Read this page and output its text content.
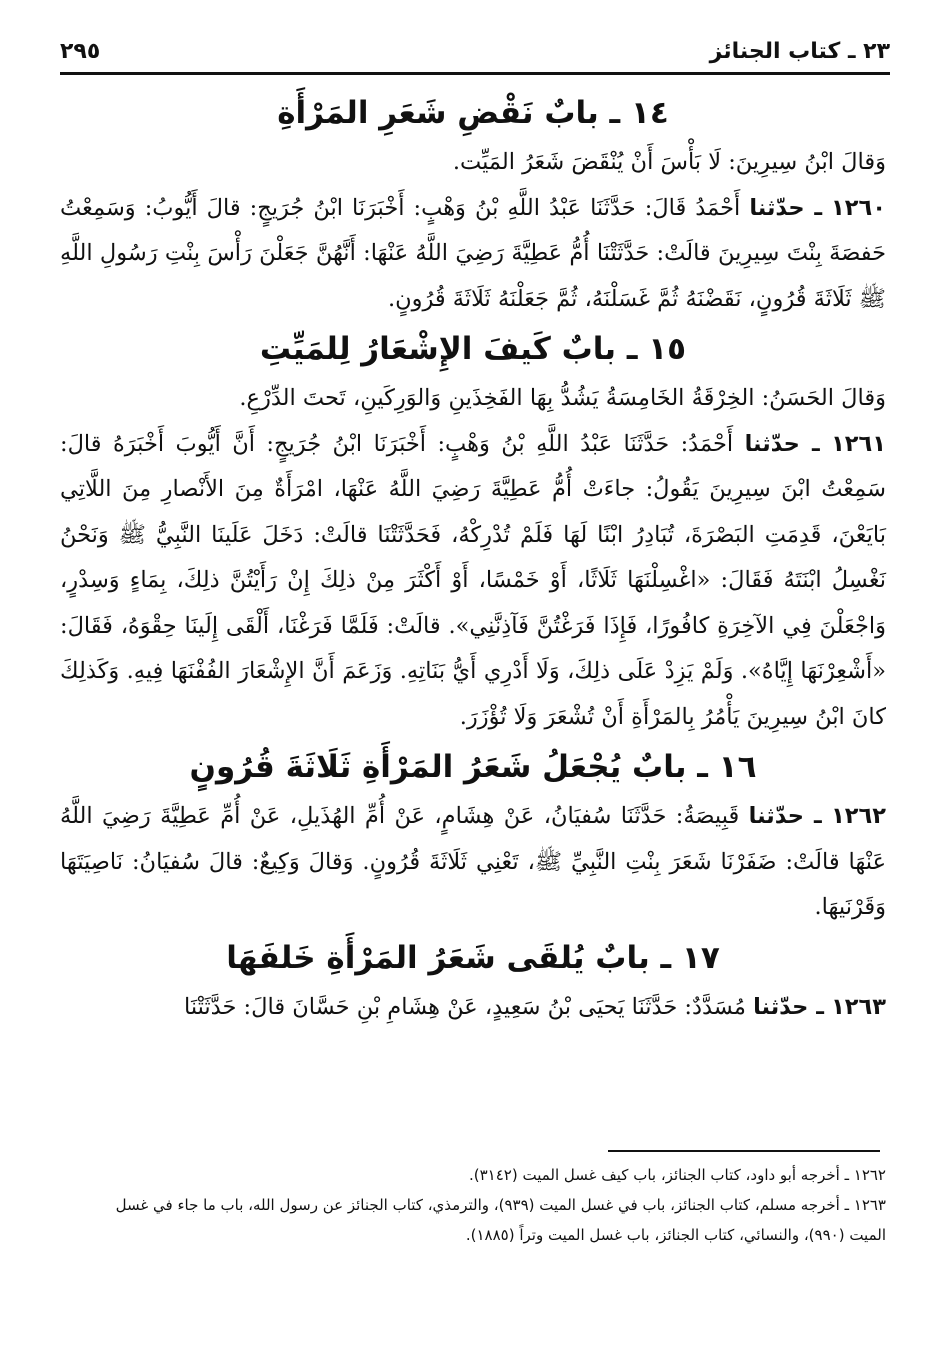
٢٩٥	٢٣ ـ كتاب الجنائز
١٤ ـ بابٌ نَقْضِ شَعَرِ المَرْأَةِ

وَقالَ ابْنُ سِيرِينَ: لَا بَأْسَ أَنْ يُنْقَضَ شَعَرُ المَيِّت.

١٢٦٠ ـ حدّثنا أَحْمَدُ قَالَ: حَدَّثَنَا عَبْدُ اللَّهِ بْنُ وَهْبٍ: أَخْبَرَنَا ابْنُ جُرَيجٍ: قالَ أَيُّوبُ: وَسَمِعْتُ حَفصَةَ بِنْتَ سِيرِينَ قالَتْ: حَدَّثَتْنَا أُمُّ عَطِيَّةَ رَضِيَ اللَّهُ عَنْهَا: أَنَّهُنَّ جَعَلْنَ رَأْسَ بِنْتِ رَسُولِ اللَّهِ ﷺ ثَلَاثَةَ قُرُونٍ، نَقَضْنَهُ ثُمَّ غَسَلْنَهُ، ثُمَّ جَعَلْنَهُ ثَلَاثَةَ قُرُونٍ.

١٥ ـ بابٌ كَيفَ الإِشْعَارُ لِلمَيِّتِ

وَقالَ الحَسَنُ: الخِرْقَةُ الخَامِسَةُ يَشُدُّ بِهَا الفَخِذَينِ وَالوَرِكَينِ، تَحتَ الدِّرْعِ.

١٢٦١ ـ حدّثنا أَحْمَدُ: حَدَّثَنَا عَبْدُ اللَّهِ بْنُ وَهْبٍ: أَخْبَرَنَا ابْنُ جُرَيجٍ: أَنَّ أَيُّوبَ أَخْبَرَهُ قالَ: سَمِعْتُ ابْنَ سِيرِينَ يَقُولُ: جاءَتْ أُمُّ عَطِيَّةَ رَضِيَ اللَّهُ عَنْهَا، امْرَأَةٌ مِنَ الأَنْصارِ مِنَ اللَّاتِي بَايَعْنَ، قَدِمَتِ البَصْرَةَ، تُبَادِرُ ابْنًا لَهَا فَلَمْ تُدْرِكْهُ، فَحَدَّثَتْنَا قالَتْ: دَخَلَ عَلَينَا النَّبِيُّ ﷺ وَنَحْنُ نَغْسِلُ ابْنَتَهُ فَقَالَ: «اغْسِلْنَهَا ثَلَاثًا، أَوْ خَمْسًا، أَوْ أَكْثَرَ مِنْ ذلِكَ إِنْ رَأَيْتُنَّ ذلِكَ، بِمَاءٍ وَسِدْرٍ، وَاجْعَلْنَ فِي الآخِرَةِ كافُورًا، فَإِذَا فَرَغْتُنَّ فَآذِنَّنِي». قالَتْ: فَلَمَّا فَرَغْنَا، أَلْقَى إِلَينَا حِقْوَهُ، فَقَالَ: «أَشْعِرْنَهَا إِيَّاهُ». وَلَمْ يَزِدْ عَلَى ذلِكَ، وَلَا أَدْرِي أَيُّ بَنَاتِهِ. وَزَعَمَ أَنَّ الإِشْعَارَ الفُفْنَهَا فِيهِ. وَكَذلِكَ كانَ ابْنُ سِيرِينَ يَأْمُرُ بِالمَرْأَةِ أَنْ تُشْعَرَ وَلَا تُؤْزَرَ.

١٦ ـ بابٌ يُجْعَلُ شَعَرُ المَرْأَةِ ثَلَاثَةَ قُرُونٍ

١٢٦٢ ـ حدّثنا قَبِيصَةُ: حَدَّثَنَا سُفيَانُ، عَنْ هِشَامٍ، عَنْ أُمِّ الهُذَيلِ، عَنْ أُمِّ عَطِيَّةَ رَضِيَ اللَّهُ عَنْهَا قالَتْ: ضَفَرْنَا شَعَرَ بِنْتِ النَّبِيِّ ﷺ، تَعْنِي ثَلَاثَةَ قُرُونٍ. وَقالَ وَكِيعٌ: قالَ سُفيَانُ: نَاصِيَتَهَا وَقَرْنَيهَا.

١٧ ـ بابٌ يُلقَى شَعَرُ المَرْأَةِ خَلفَهَا

١٢٦٣ ـ حدّثنا مُسَدَّدٌ: حَدَّثَنَا يَحيَى بْنُ سَعِيدٍ، عَنْ هِشَامِ بْنِ حَسَّانَ قالَ: حَدَّثَتْنَا

١٢٦٢ ـ أخرجه أبو داود، كتاب الجنائز، باب كيف غسل الميت (٣١٤٢).

١٢٦٣ ـ أخرجه مسلم، كتاب الجنائز، باب في غسل الميت (٩٣٩)، والترمذي، كتاب الجنائز عن رسول الله، باب ما جاء في غسل الميت (٩٩٠)، والنسائي، كتاب الجنائز، باب غسل الميت وتراً (١٨٨٥).
